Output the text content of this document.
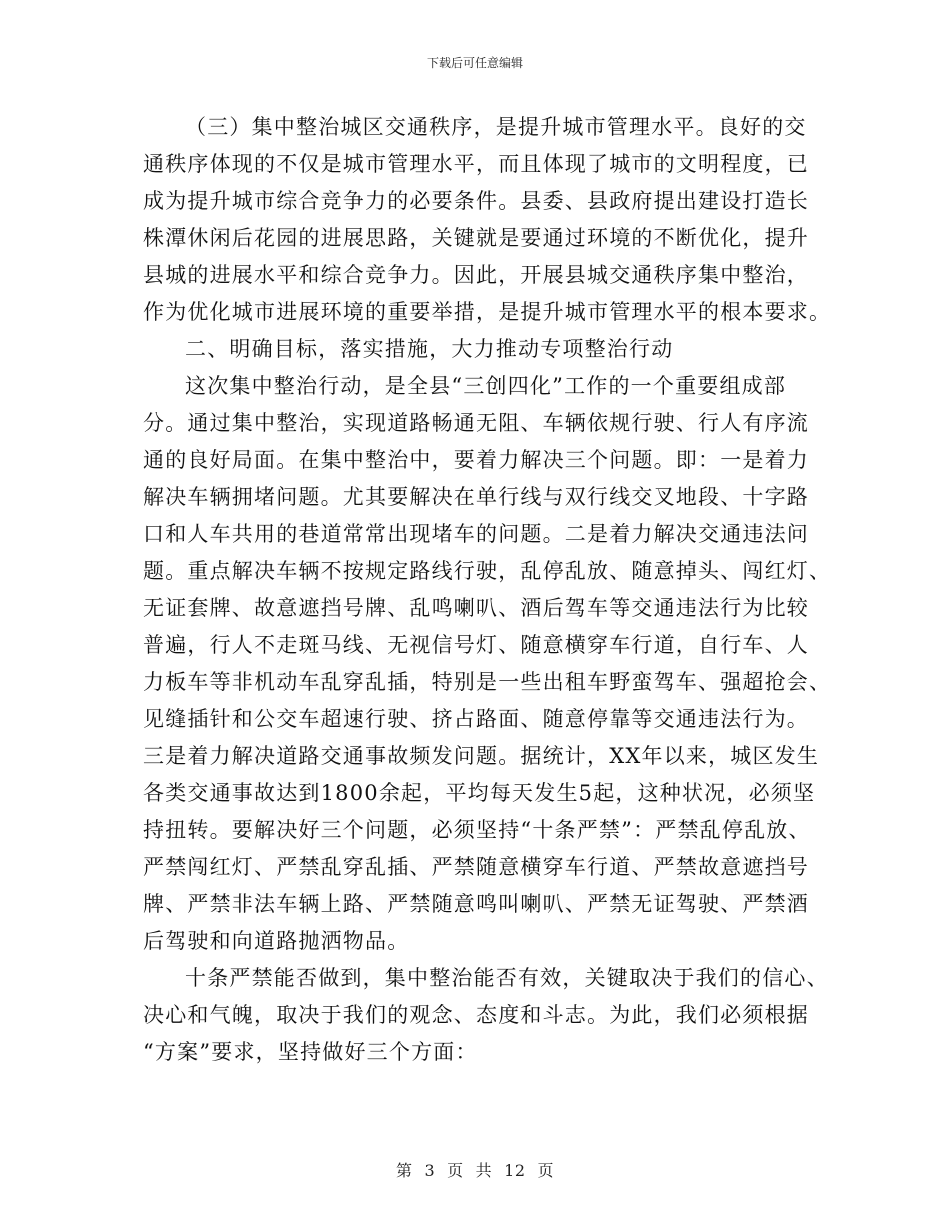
下载后可任意编辑
（三）集中整治城区交通秩序，是提升城市管理水平。良好的交
通秩序体现的不仅是城市管理水平，而且体现了城市的文明程度，已
成为提升城市综合竞争力的必要条件。县委、县政府提出建设打造长
株潭休闲后花园的进展思路，关键就是要通过环境的不断优化，提升
县城的进展水平和综合竞争力。因此，开展县城交通秩序集中整治，
作为优化城市进展环境的重要举措，是提升城市管理水平的根本要求。
二、明确目标，落实措施，大力推动专项整治行动
这次集中整治行动，是全县“三创四化”工作的一个重要组成部
分。通过集中整治，实现道路畅通无阻、车辆依规行驶、行人有序流
通的良好局面。在集中整治中，要着力解决三个问题。即：一是着力
解决车辆拥堵问题。尤其要解决在单行线与双行线交叉地段、十字路
口和人车共用的巷道常常出现堵车的问题。二是着力解决交通违法问
题。重点解决车辆不按规定路线行驶，乱停乱放、随意掉头、闯红灯、
无证套牌、故意遮挡号牌、乱鸣喇叭、酒后驾车等交通违法行为比较
普遍，行人不走斑马线、无视信号灯、随意横穿车行道，自行车、人
力板车等非机动车乱穿乱插，特别是一些出租车野蛮驾车、强超抢会、
见缝插针和公交车超速行驶、挤占路面、随意停靠等交通违法行为。
三是着力解决道路交通事故频发问题。据统计，XX年以来，城区发生
各类交通事故达到1800余起，平均每天发生5起，这种状况，必须坚
持扭转。要解决好三个问题，必须坚持“十条严禁”：严禁乱停乱放、
严禁闯红灯、严禁乱穿乱插、严禁随意横穿车行道、严禁故意遮挡号
牌、严禁非法车辆上路、严禁随意鸣叫喇叭、严禁无证驾驶、严禁酒
后驾驶和向道路抛洒物品。
十条严禁能否做到，集中整治能否有效，关键取决于我们的信心、
决心和气魄，取决于我们的观念、态度和斗志。为此，我们必须根据
“方案”要求，坚持做好三个方面：
第 3 页 共 12 页
